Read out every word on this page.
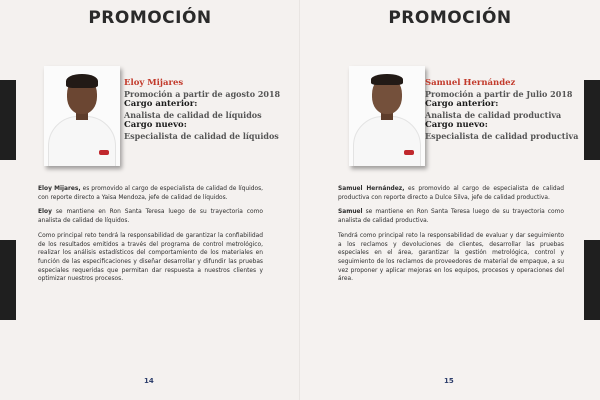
PROMOCIÓN
Eloy Mijares
Promoción a partir de agosto 2018
Cargo anterior:
Analista de calidad de líquidos
Cargo nuevo:
Especialista de calidad de líquidos

Eloy Mijares, es promovido al cargo de especialista de calidad de líquidos, con reporte directo a Yaisa Mendoza, jefe de calidad de líquidos.

Eloy se mantiene en Ron Santa Teresa luego de su trayectoria como analista de calidad de líquidos.

Como principal reto tendrá la responsabilidad de garantizar la confiabilidad de los resultados emitidos a través del programa de control metrológico, realizar los análisis estadísticos del comportamiento de los materiales en función de las especificaciones y diseñar desarrollar y difundir las pruebas especiales requeridas que permitan dar respuesta a nuestros clientes y optimizar nuestros procesos.

14
PROMOCIÓN
Samuel Hernández
Promoción a partir de Julio 2018
Cargo anterior:
Analista de calidad productiva
Cargo nuevo:
Especialista de calidad productiva

Samuel Hernández, es promovido al cargo de especialista de calidad productiva con reporte directo a Dulce Silva, jefe de calidad productiva.

Samuel se mantiene en Ron Santa Teresa luego de su trayectoria como analista de calidad productiva.

Tendrá como principal reto la responsabilidad de evaluar y dar seguimiento a los reclamos y devoluciones de clientes, desarrollar las pruebas especiales en el área, garantizar la gestión metrológica, control y seguimiento de los reclamos de proveedores de material de empaque, a su vez proponer y aplicar mejoras en los equipos, procesos y operaciones del área.

15
